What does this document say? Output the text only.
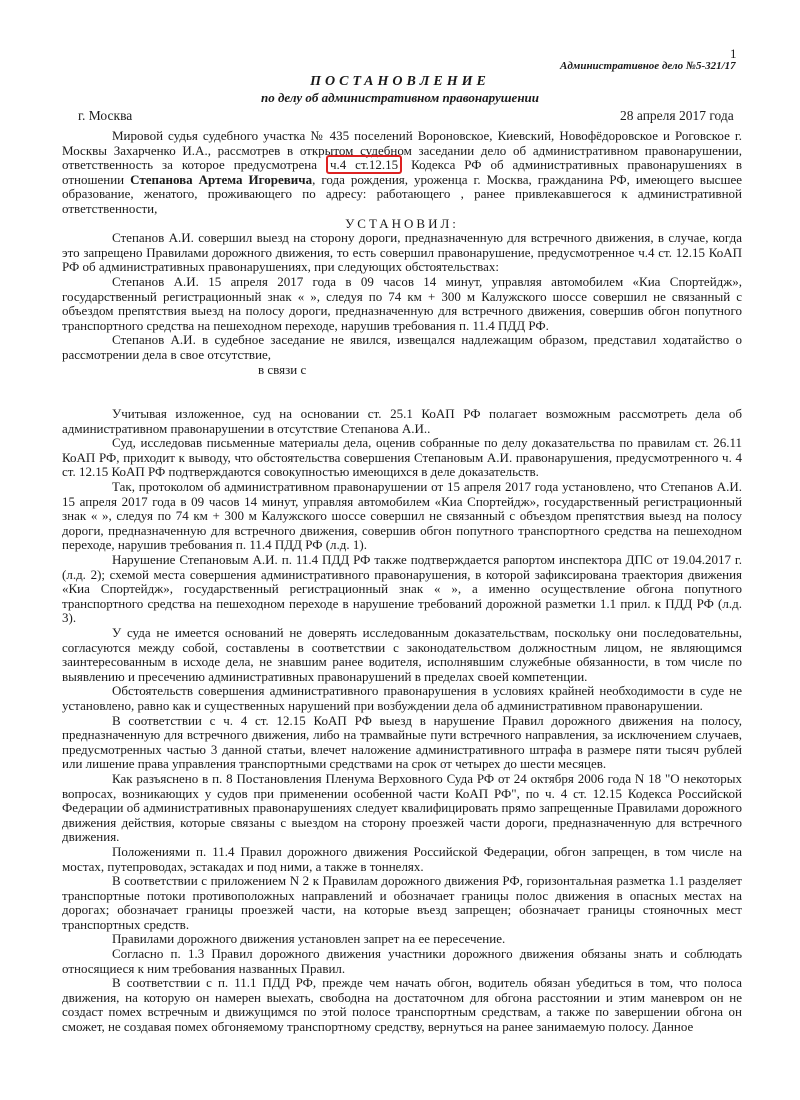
1
Административное дело №5-321/17
ПОСТАНОВЛЕНИЕ
по делу об административном правонарушении
г. Москва	28 апреля 2017 года

Мировой судья судебного участка № 435 поселений Вороновское, Киевский, Новофёдоровское и Роговское г. Москвы Захарченко И.А., рассмотрев в открытом судебном заседании дело об административном правонарушении, ответственность за которое предусмотрена ч.4 ст.12.15 Кодекса РФ об административных правонарушениях в отношении Степанова Артема Игоревича, года рождения, уроженца г. Москва, гражданина РФ, имеющего высшее образование, женатого, проживающего по адресу: работающего , ранее привлекавшегося к административной ответственности,

УСТАНОВИЛ:

Степанов А.И. совершил выезд на сторону дороги, предназначенную для встречного движения, в случае, когда это запрещено Правилами дорожного движения, то есть совершил правонарушение, предусмотренное ч.4 ст. 12.15 КоАП РФ об административных правонарушениях, при следующих обстоятельствах:

Степанов А.И. 15 апреля 2017 года в 09 часов 14 минут, управляя автомобилем «Киа Спортейдж», государственный регистрационный знак « », следуя по 74 км + 300 м Калужского шоссе совершил не связанный с объездом препятствия выезд на полосу дороги, предназначенную для встречного движения, совершив обгон попутного транспортного средства на пешеходном переходе, нарушив требования п. 11.4 ПДД РФ.

Степанов А.И. в судебное заседание не явился, извещался надлежащим образом, представил ходатайство о рассмотрении дела в свое отсутствие,

в связи с

Учитывая изложенное, суд на основании ст. 25.1 КоАП РФ полагает возможным рассмотреть дела об административном правонарушении в отсутствие Степанова А.И..

Суд, исследовав письменные материалы дела, оценив собранные по делу доказательства по правилам ст. 26.11 КоАП РФ, приходит к выводу, что обстоятельства совершения Степановым А.И. правонарушения, предусмотренного ч. 4 ст. 12.15 КоАП РФ подтверждаются совокупностью имеющихся в деле доказательств.

Так, протоколом об административном правонарушении от 15 апреля 2017 года установлено, что Степанов А.И. 15 апреля 2017 года в 09 часов 14 минут, управляя автомобилем «Киа Спортейдж», государственный регистрационный знак « », следуя по 74 км + 300 м Калужского шоссе совершил не связанный с объездом препятствия выезд на полосу дороги, предназначенную для встречного движения, совершив обгон попутного транспортного средства на пешеходном переходе, нарушив требования п. 11.4 ПДД РФ (л.д. 1).

Нарушение Степановым А.И. п. 11.4 ПДД РФ также подтверждается рапортом инспектора ДПС от 19.04.2017 г. (л.д. 2); схемой места совершения административного правонарушения, в которой зафиксирована траектория движения «Киа Спортейдж», государственный регистрационный знак « », а именно осуществление обгона попутного транспортного средства на пешеходном переходе в нарушение требований дорожной разметки 1.1 прил. к ПДД РФ (л.д. 3).

У суда не имеется оснований не доверять исследованным доказательствам, поскольку они последовательны, согласуются между собой, составлены в соответствии с законодательством должностным лицом, не являющимся заинтересованным в исходе дела, не знавшим ранее водителя, исполнявшим служебные обязанности, в том числе по выявлению и пресечению административных правонарушений в пределах своей компетенции.

Обстоятельств совершения административного правонарушения в условиях крайней необходимости в суде не установлено, равно как и существенных нарушений при возбуждении дела об административном правонарушении.

В соответствии с ч. 4 ст. 12.15 КоАП РФ выезд в нарушение Правил дорожного движения на полосу, предназначенную для встречного движения, либо на трамвайные пути встречного направления, за исключением случаев, предусмотренных частью 3 данной статьи, влечет наложение административного штрафа в размере пяти тысяч рублей или лишение права управления транспортными средствами на срок от четырех до шести месяцев.

Как разъяснено в п. 8 Постановления Пленума Верховного Суда РФ от 24 октября 2006 года N 18 "О некоторых вопросах, возникающих у судов при применении особенной части КоАП РФ", по ч. 4 ст. 12.15 Кодекса Российской Федерации об административных правонарушениях следует квалифицировать прямо запрещенные Правилами дорожного движения действия, которые связаны с выездом на сторону проезжей части дороги, предназначенную для встречного движения.

Положениями п. 11.4 Правил дорожного движения Российской Федерации, обгон запрещен, в том числе на мостах, путепроводах, эстакадах и под ними, а также в тоннелях.

В соответствии с приложением N 2 к Правилам дорожного движения РФ, горизонтальная разметка 1.1 разделяет транспортные потоки противоположных направлений и обозначает границы полос движения в опасных местах на дорогах; обозначает границы проезжей части, на которые въезд запрещен; обозначает границы стояночных мест транспортных средств.

Правилами дорожного движения установлен запрет на ее пересечение.

Согласно п. 1.3 Правил дорожного движения участники дорожного движения обязаны знать и соблюдать относящиеся к ним требования названных Правил.

В соответствии с п. 11.1 ПДД РФ, прежде чем начать обгон, водитель обязан убедиться в том, что полоса движения, на которую он намерен выехать, свободна на достаточном для обгона расстоянии и этим маневром он не создаст помех встречным и движущимся по этой полосе транспортным средствам, а также по завершении обгона он сможет, не создавая помех обгоняемому транспортному средству, вернуться на ранее занимаемую полосу. Данное
